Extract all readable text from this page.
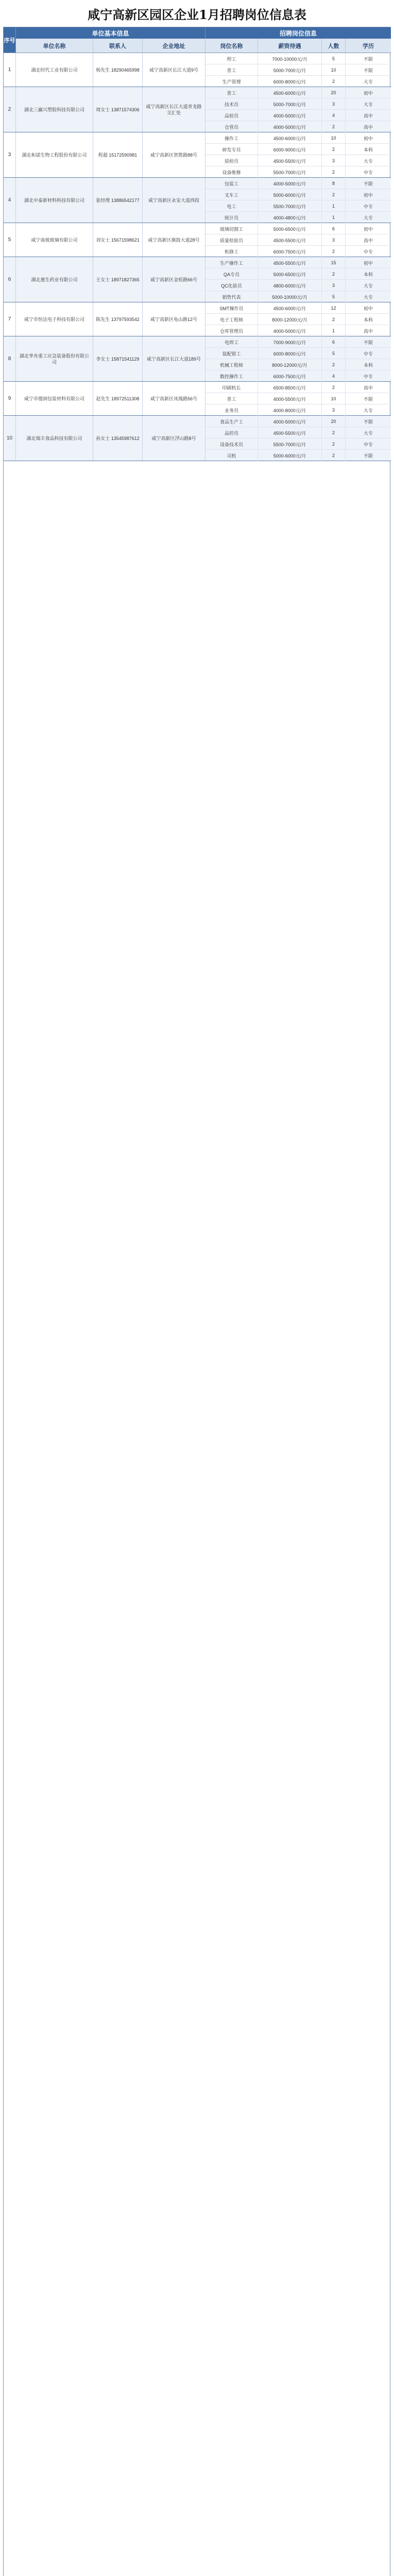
咸宁高新区园区企业1月招聘岗位信息表
序号
单位基本信息	招聘岗位信息
单位名称	联系人	企业地址	岗位名称	薪资待遇	人数	学历
1	湖北时代工业有限公司	杨先生 18290465998	咸宁高新区长江大道9号
焊工	7000-10000元/月	5	不限
普工	5000-7000元/月	10	不限
生产管理	6000-8000元/月	2	大专
2	湖北三赢兴塑胶科技有限公司	周女士 13871574306
咸宁高新区长江大道青龙路交汇处
普工	4500-6000元/月	20	初中
技术员	5000-7000元/月	3	大专
品检员	4000-5000元/月	4	高中
仓管员	4000-5000元/月	2	高中
3	湖北和诺生物工程股份有限公司	程超 15172590981	咸宁高新区贺胜路88号
操作工	4500-6000元/月	10	初中
研发专员	6000-9000元/月	2	本科
质检员	4500-5500元/月	3	大专
设备维修	5500-7000元/月	2	中专
4	湖北中泰新材料科技有限公司	张经理 13886542177	咸宁高新区永安大道西段
包装工	4000-5000元/月	8	不限
叉车工	5000-6000元/月	2	初中
电工	5500-7000元/月	1	中专
统计员	4000-4800元/月	1	大专
5	咸宁南玻玻璃有限公司	刘女士 15671598621	咸宁高新区旗鼓大道28号
玻璃切割工	5000-6500元/月	6	初中
质量检验员	4500-5500元/月	3	高中
机修工	6000-7500元/月	2	中专
6	湖北惠生药业有限公司	王女士 18971827365	咸宁高新区金桂路66号
生产操作工	4500-5500元/月	15	初中
QA专员	5000-6500元/月	2	本科
QC化验员	4800-6000元/月	3	大专
销售代表	5000-10000元/月	5	大专
7	咸宁市恒达电子科技有限公司	陈先生 13797593542	咸宁高新区龟山路12号
SMT操作员	4500-6000元/月	12	初中
电子工程师	8000-12000元/月	2	本科
仓库管理员	4000-5000元/月	1	高中
8	湖北华舟重工应急装备股份有限公司
李女士 15871541129	咸宁高新区长江大道189号
电焊工	7000-9000元/月	6	不限
装配钳工	6000-8000元/月	5	中专
机械工程师	8000-12000元/月	2	本科
数控操作工	6000-7500元/月	4	中专
9	咸宁市德润包装材料有限公司	赵先生 18972511308	咸宁高新区凤凰路56号
印刷机长	6500-8500元/月	2	高中
普工	4000-5500元/月	10	不限
业务员	4000-8000元/月	3	大专
10	湖北瑞丰食品科技有限公司	孙女士 13545987612	咸宁高新区浮山路8号
食品生产工	4000-5000元/月	20	不限
品控员	4500-5500元/月	2	大专
设备技术员	5500-7000元/月	2	中专
司机	5000-6000元/月	2	不限
